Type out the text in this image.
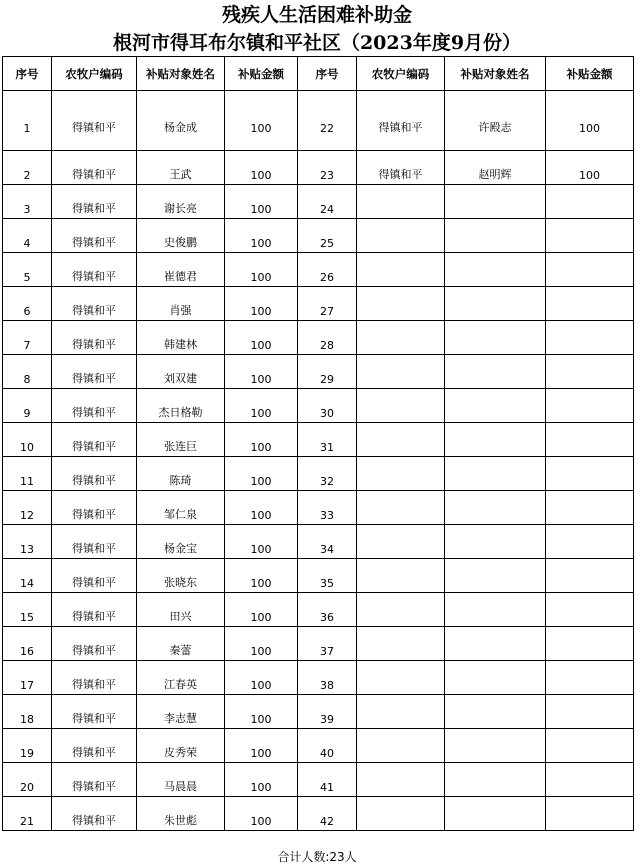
残疾人生活困难补助金
根河市得耳布尔镇和平社区（2023年度9月份）
序号	农牧户编码	补贴对象姓名	补贴金额	序号	农牧户编码	补贴对象姓名	补贴金额
1	得镇和平	杨金成	100	22	得镇和平	许殿志	100
2	得镇和平	王武	100	23	得镇和平	赵明辉	100
3	得镇和平	谢长亮	100	24			
4	得镇和平	史俊鹏	100	25			
5	得镇和平	崔德君	100	26			
6	得镇和平	肖强	100	27			
7	得镇和平	韩建林	100	28			
8	得镇和平	刘双建	100	29			
9	得镇和平	杰日格勒	100	30			
10	得镇和平	张连巨	100	31			
11	得镇和平	陈琦	100	32			
12	得镇和平	邹仁泉	100	33			
13	得镇和平	杨金宝	100	34			
14	得镇和平	张晓东	100	35			
15	得镇和平	田兴	100	36			
16	得镇和平	秦蕾	100	37			
17	得镇和平	江春英	100	38			
18	得镇和平	李志慧	100	39			
19	得镇和平	皮秀荣	100	40			
20	得镇和平	马晨晨	100	41			
21	得镇和平	朱世彪	100	42			
合计人数:23人
